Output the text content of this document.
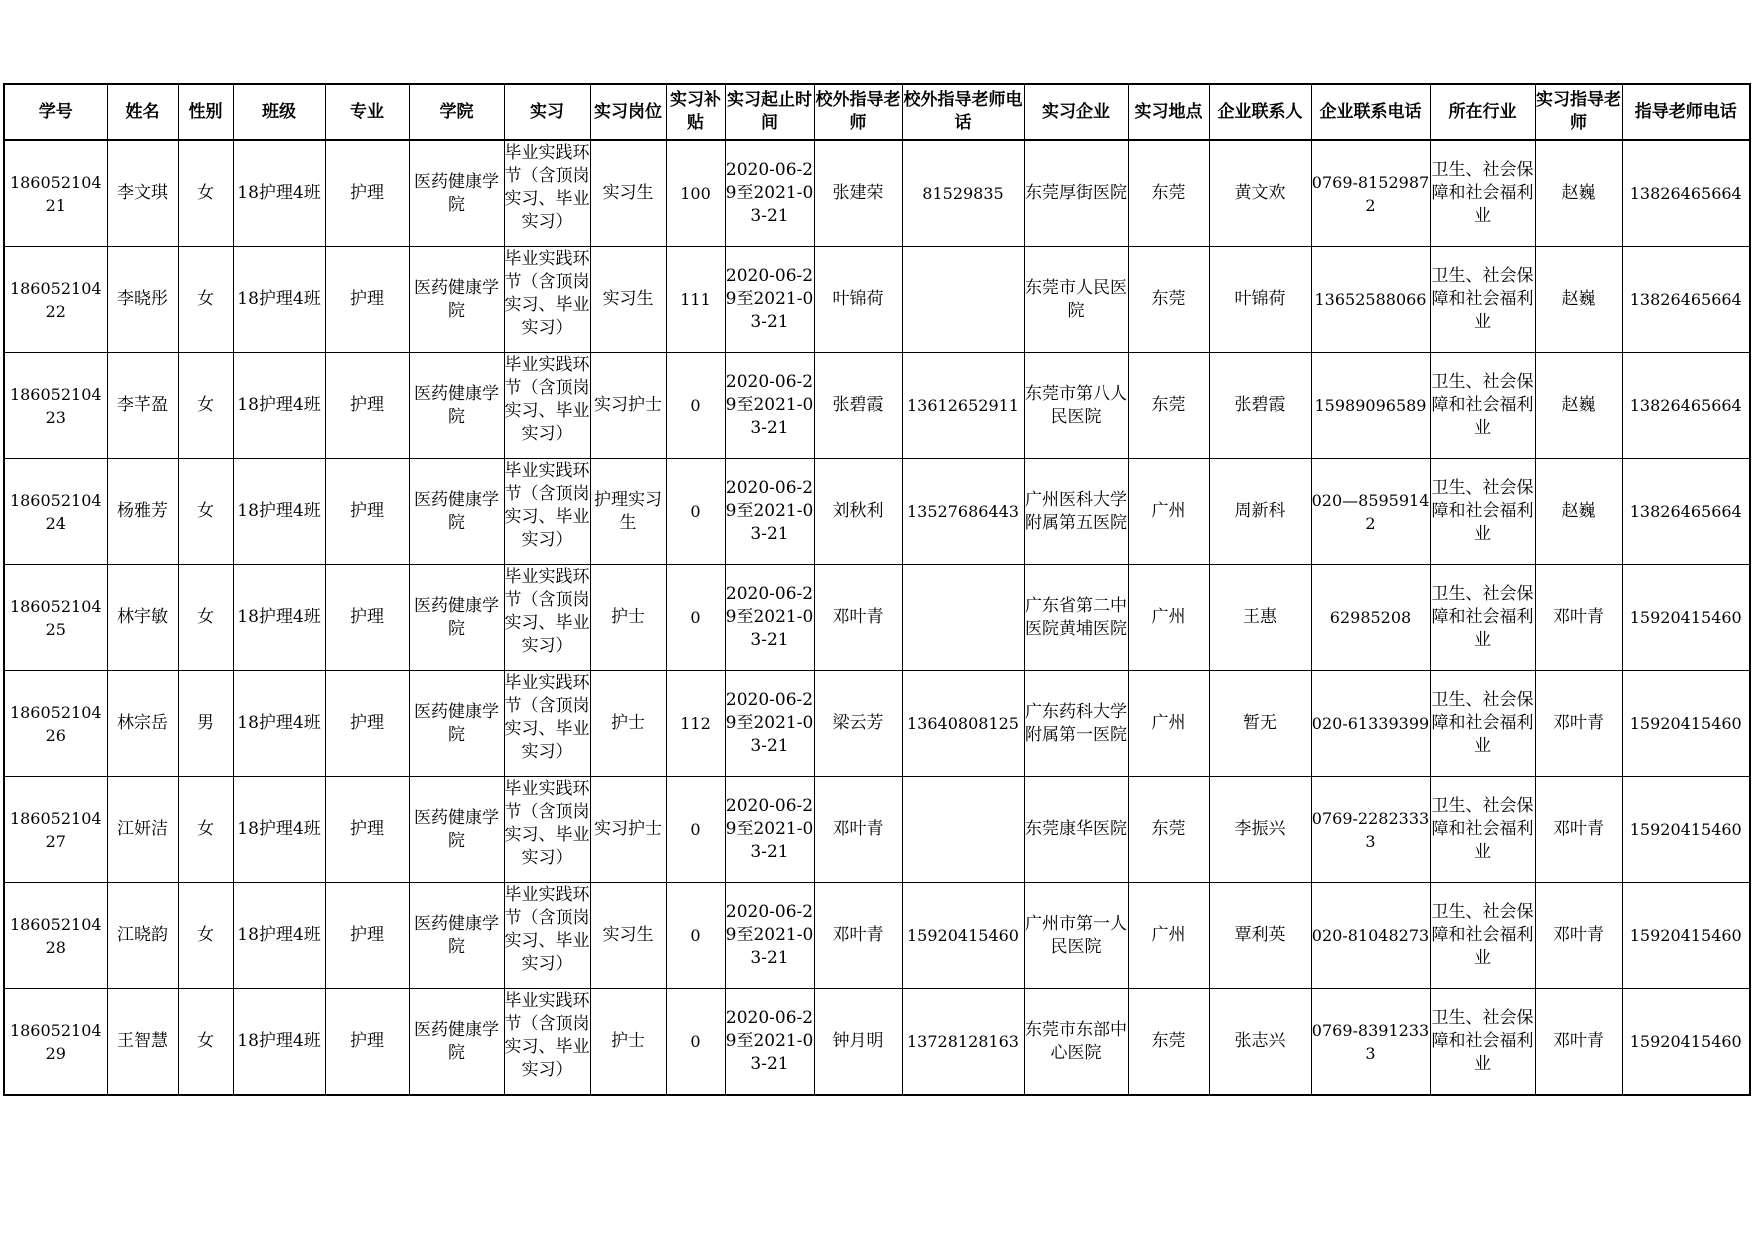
学号	姓名	性别	班级	专业	学院	实习	实习岗位	实习补贴	实习起止时间	校外指导老师	校外指导老师电话	实习企业	实习地点	企业联系人	企业联系电话	所在行业	实习指导老师	指导老师电话
18605210421	李文琪	女	18护理4班	护理	医药健康学院	毕业实践环节（含顶岗实习、毕业实习）	实习生	100	2020-06-29至2021-03-21	张建荣	81529835	东莞厚街医院	东莞	黄文欢	0769-81529872	卫生、社会保障和社会福利业	赵巍	13826465664
18605210422	李晓彤	女	18护理4班	护理	医药健康学院	毕业实践环节（含顶岗实习、毕业实习）	实习生	111	2020-06-29至2021-03-21	叶锦荷		东莞市人民医院	东莞	叶锦荷	13652588066	卫生、社会保障和社会福利业	赵巍	13826465664
18605210423	李芊盈	女	18护理4班	护理	医药健康学院	毕业实践环节（含顶岗实习、毕业实习）	实习护士	0	2020-06-29至2021-03-21	张碧霞	13612652911	东莞市第八人民医院	东莞	张碧霞	15989096589	卫生、社会保障和社会福利业	赵巍	13826465664
18605210424	杨雅芳	女	18护理4班	护理	医药健康学院	毕业实践环节（含顶岗实习、毕业实习）	护理实习生	0	2020-06-29至2021-03-21	刘秋利	13527686443	广州医科大学附属第五医院	广州	周新科	020—85959142	卫生、社会保障和社会福利业	赵巍	13826465664
18605210425	林宇敏	女	18护理4班	护理	医药健康学院	毕业实践环节（含顶岗实习、毕业实习）	护士	0	2020-06-29至2021-03-21	邓叶青		广东省第二中医院黄埔医院	广州	王惠	62985208	卫生、社会保障和社会福利业	邓叶青	15920415460
18605210426	林宗岳	男	18护理4班	护理	医药健康学院	毕业实践环节（含顶岗实习、毕业实习）	护士	112	2020-06-29至2021-03-21	梁云芳	13640808125	广东药科大学附属第一医院	广州	暂无	020-61339399	卫生、社会保障和社会福利业	邓叶青	15920415460
18605210427	江妍洁	女	18护理4班	护理	医药健康学院	毕业实践环节（含顶岗实习、毕业实习）	实习护士	0	2020-06-29至2021-03-21	邓叶青		东莞康华医院	东莞	李振兴	0769-22823333	卫生、社会保障和社会福利业	邓叶青	15920415460
18605210428	江晓韵	女	18护理4班	护理	医药健康学院	毕业实践环节（含顶岗实习、毕业实习）	实习生	0	2020-06-29至2021-03-21	邓叶青	15920415460	广州市第一人民医院	广州	覃利英	020-81048273	卫生、社会保障和社会福利业	邓叶青	15920415460
18605210429	王智慧	女	18护理4班	护理	医药健康学院	毕业实践环节（含顶岗实习、毕业实习）	护士	0	2020-06-29至2021-03-21	钟月明	13728128163	东莞市东部中心医院	东莞	张志兴	0769-83912333	卫生、社会保障和社会福利业	邓叶青	15920415460
